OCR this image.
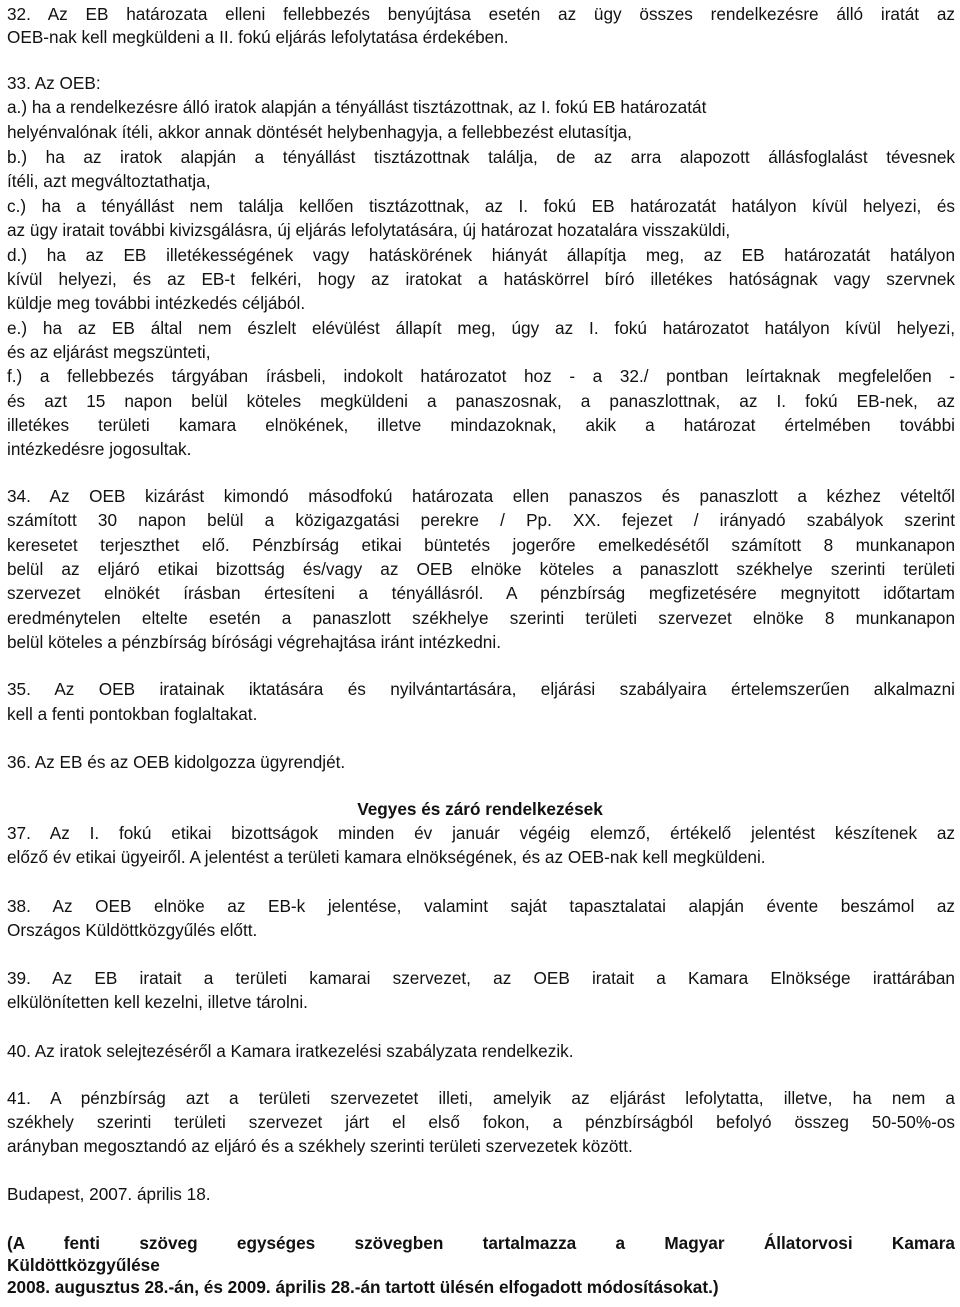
32. Az EB határozata elleni fellebbezés benyújtása esetén az ügy összes rendelkezésre álló iratát az
OEB-nak kell megküldeni a II. fokú eljárás lefolytatása érdekében.
33. Az OEB:
a.) ha a rendelkezésre álló iratok alapján a tényállást tisztázottnak, az I. fokú EB határozatát
helyénvalónak ítéli, akkor annak döntését helybenhagyja, a fellebbezést elutasítja,
b.) ha az iratok alapján a tényállást tisztázottnak találja, de az arra alapozott állásfoglalást tévesnek
ítéli, azt megváltoztathatja,
c.) ha a tényállást nem találja kellően tisztázottnak, az I. fokú EB határozatát hatályon kívül helyezi, és
az ügy iratait további kivizsgálásra, új eljárás lefolytatására, új határozat hozatalára visszaküldi,
d.) ha az EB illetékességének vagy hatáskörének hiányát állapítja meg, az EB határozatát hatályon
kívül helyezi, és az EB-t felkéri, hogy az iratokat a hatáskörrel bíró illetékes hatóságnak vagy szervnek
küldje meg további intézkedés céljából.
e.) ha az EB által nem észlelt elévülést állapít meg, úgy az I. fokú határozatot hatályon kívül helyezi,
és az eljárást megszünteti,
f.) a fellebbezés tárgyában írásbeli, indokolt határozatot hoz - a 32./ pontban leírtaknak megfelelően -
és azt 15 napon belül köteles megküldeni a panaszosnak, a panaszlottnak, az I. fokú EB-nek, az
illetékes területi kamara elnökének, illetve mindazoknak, akik a határozat értelmében további
intézkedésre jogosultak.
34. Az OEB kizárást kimondó másodfokú határozata ellen panaszos és panaszlott a kézhez vételtől
számított 30 napon belül a közigazgatási perekre / Pp. XX. fejezet / irányadó szabályok szerint
keresetet terjeszthet elő. Pénzbírság etikai büntetés jogerőre emelkedésétől számított 8 munkanapon
belül az eljáró etikai bizottság és/vagy az OEB elnöke köteles a panaszlott székhelye szerinti területi
szervezet elnökét írásban értesíteni a tényállásról. A pénzbírság megfizetésére megnyitott időtartam
eredménytelen eltelte esetén a panaszlott székhelye szerinti területi szervezet elnöke 8 munkanapon
belül köteles a pénzbírság bírósági végrehajtása iránt intézkedni.
35. Az OEB iratainak iktatására és nyilvántartására, eljárási szabályaira értelemszerűen alkalmazni
kell a fenti pontokban foglaltakat.
36. Az EB és az OEB kidolgozza ügyrendjét.
Vegyes és záró rendelkezések
37. Az I. fokú etikai bizottságok minden év január végéig elemző, értékelő jelentést készítenek az
előző év etikai ügyeiről. A jelentést a területi kamara elnökségének, és az OEB-nak kell megküldeni.
38. Az OEB elnöke az EB-k jelentése, valamint saját tapasztalatai alapján évente beszámol az
Országos Küldöttközgyűlés előtt.
39. Az EB iratait a területi kamarai szervezet, az OEB iratait a Kamara Elnöksége irattárában
elkülönítetten kell kezelni, illetve tárolni.
40. Az iratok selejtezéséről a Kamara iratkezelési szabályzata rendelkezik.
41. A pénzbírság azt a területi szervezetet illeti, amelyik az eljárást lefolytatta, illetve, ha nem a
székhely szerinti területi szervezet járt el első fokon, a pénzbírságból befolyó összeg 50-50%-os
arányban megosztandó az eljáró és a székhely szerinti területi szervezetek között.
Budapest, 2007. április 18.
(A fenti szöveg egységes szövegben tartalmazza a Magyar Állatorvosi Kamara
Küldöttközgyűlése
2008. augusztus 28.-án, és 2009. április 28.-án tartott ülésén elfogadott módosításokat.)
